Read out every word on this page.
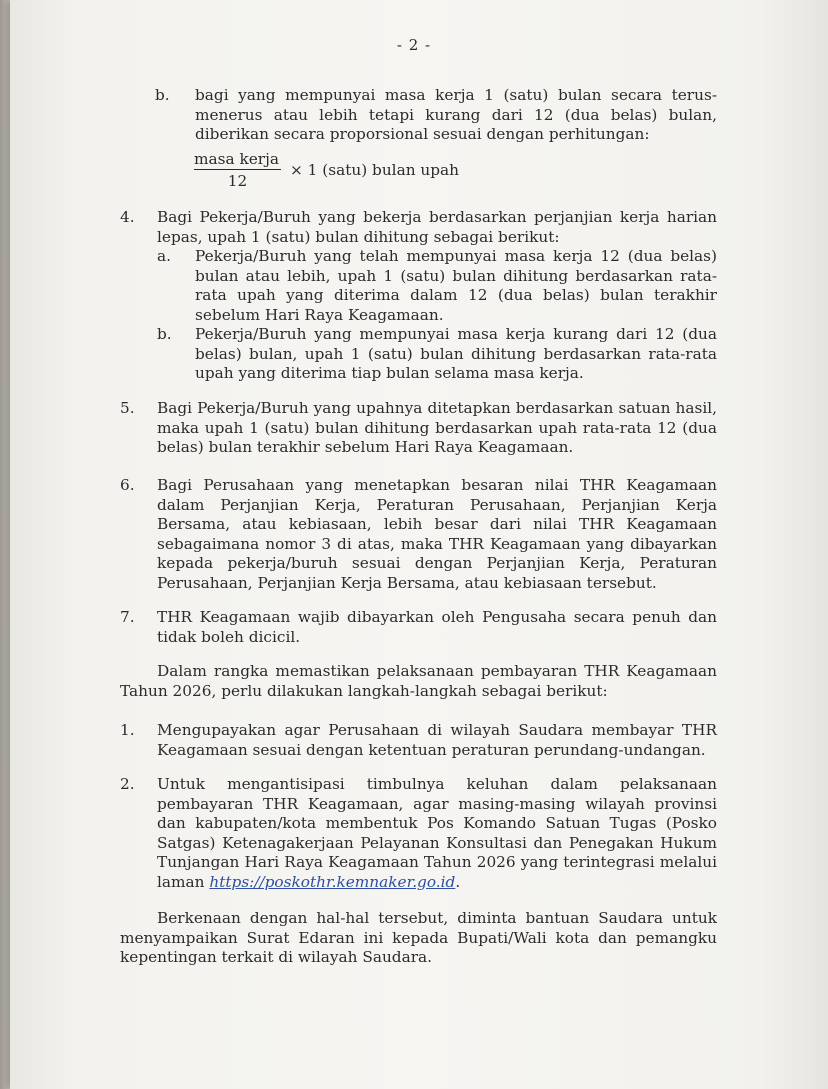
- 2 -
b. bagi yang mempunyai masa kerja 1 (satu) bulan secara terus-menerus atau lebih tetapi kurang dari 12 (dua belas) bulan, diberikan secara proporsional sesuai dengan perhitungan:
masa kerja
12
× 1 (satu) bulan upah
4. Bagi Pekerja/Buruh yang bekerja berdasarkan perjanjian kerja harian lepas, upah 1 (satu) bulan dihitung sebagai berikut:
a. Pekerja/Buruh yang telah mempunyai masa kerja 12 (dua belas) bulan atau lebih, upah 1 (satu) bulan dihitung berdasarkan rata-rata upah yang diterima dalam 12 (dua belas) bulan terakhir sebelum Hari Raya Keagamaan.
b. Pekerja/Buruh yang mempunyai masa kerja kurang dari 12 (dua belas) bulan, upah 1 (satu) bulan dihitung berdasarkan rata-rata upah yang diterima tiap bulan selama masa kerja.
5. Bagi Pekerja/Buruh yang upahnya ditetapkan berdasarkan satuan hasil, maka upah 1 (satu) bulan dihitung berdasarkan upah rata-rata 12 (dua belas) bulan terakhir sebelum Hari Raya Keagamaan.
6. Bagi Perusahaan yang menetapkan besaran nilai THR Keagamaan dalam Perjanjian Kerja, Peraturan Perusahaan, Perjanjian Kerja Bersama, atau kebiasaan, lebih besar dari nilai THR Keagamaan sebagaimana nomor 3 di atas, maka THR Keagamaan yang dibayarkan kepada pekerja/buruh sesuai dengan Perjanjian Kerja, Peraturan Perusahaan, Perjanjian Kerja Bersama, atau kebiasaan tersebut.
7. THR Keagamaan wajib dibayarkan oleh Pengusaha secara penuh dan tidak boleh dicicil.
Dalam rangka memastikan pelaksanaan pembayaran THR Keagamaan Tahun 2026, perlu dilakukan langkah-langkah sebagai berikut:
1. Mengupayakan agar Perusahaan di wilayah Saudara membayar THR Keagamaan sesuai dengan ketentuan peraturan perundang-undangan.
2. Untuk mengantisipasi timbulnya keluhan dalam pelaksanaan pembayaran THR Keagamaan, agar masing-masing wilayah provinsi dan kabupaten/kota membentuk Pos Komando Satuan Tugas (Posko Satgas) Ketenagakerjaan Pelayanan Konsultasi dan Penegakan Hukum Tunjangan Hari Raya Keagamaan Tahun 2026 yang terintegrasi melalui laman https://poskothr.kemnaker.go.id.
Berkenaan dengan hal-hal tersebut, diminta bantuan Saudara untuk menyampaikan Surat Edaran ini kepada Bupati/Wali kota dan pemangku kepentingan terkait di wilayah Saudara.
